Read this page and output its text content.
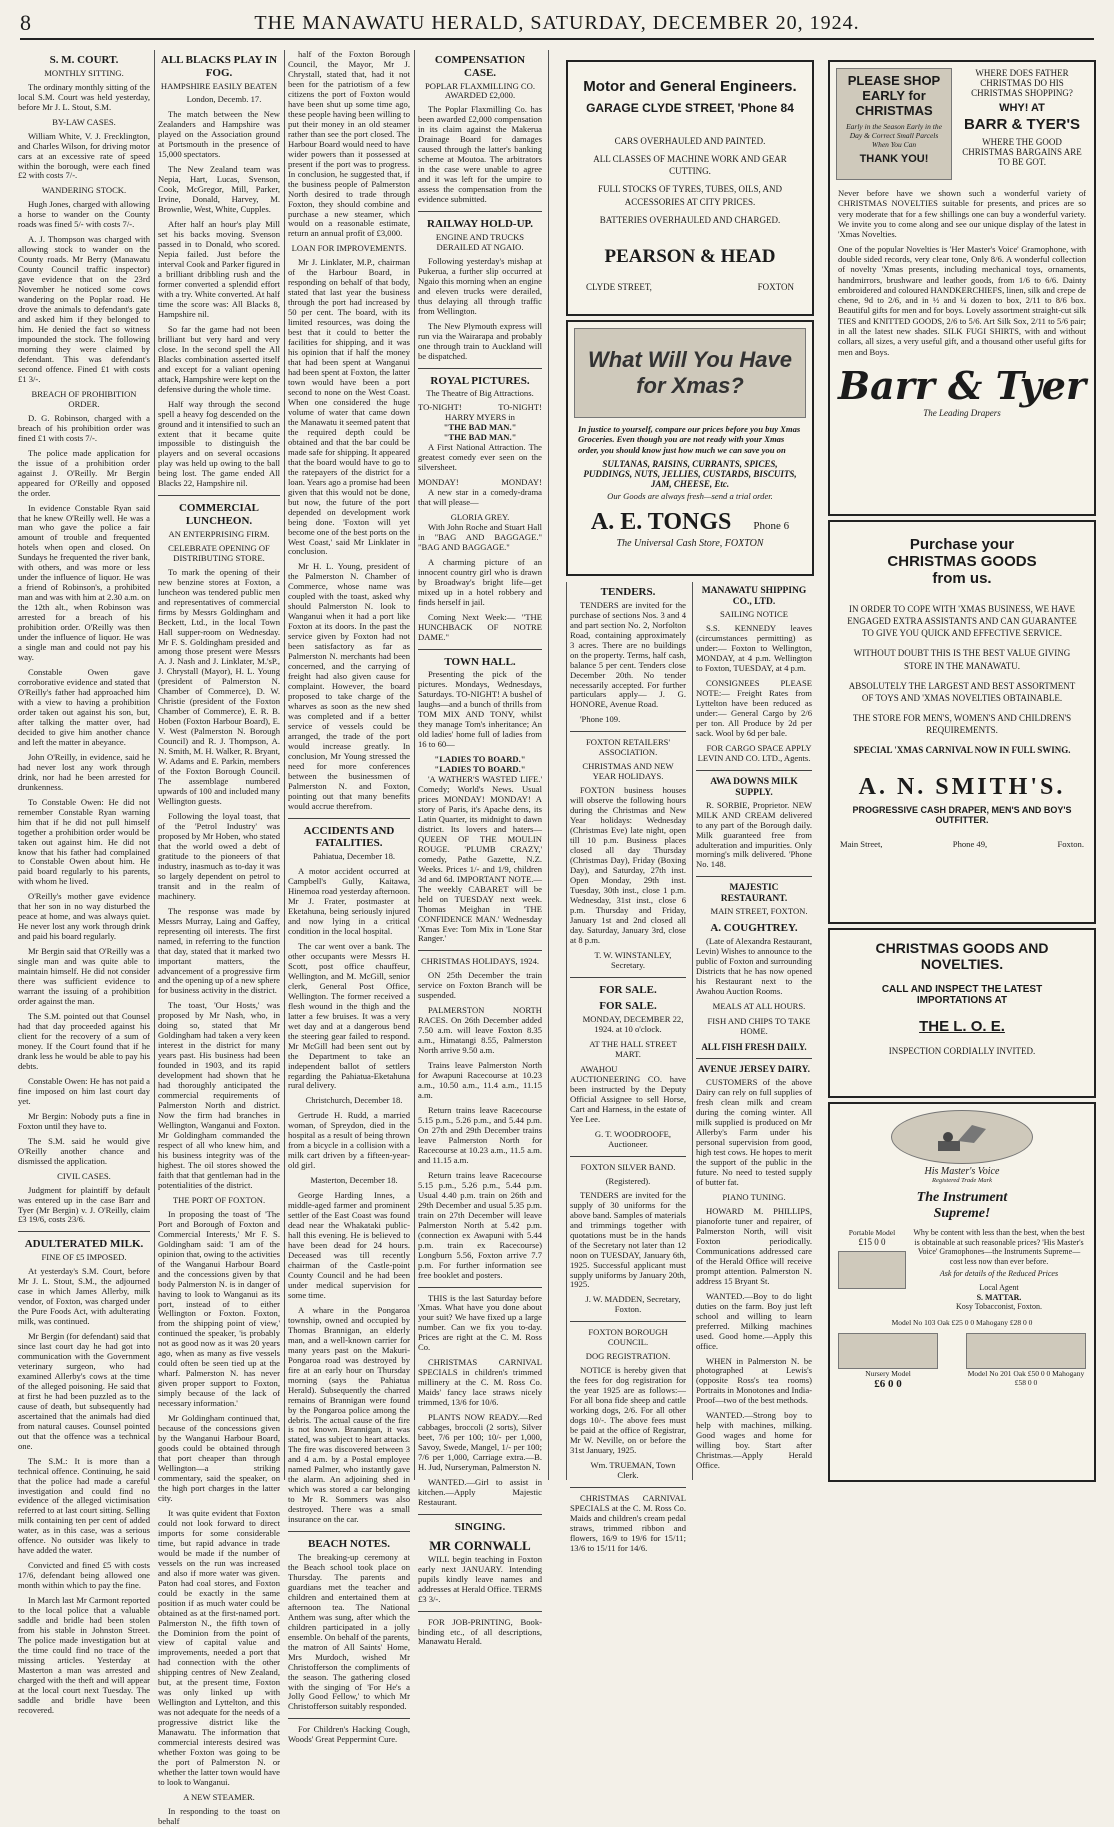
8	THE MANAWATU HERALD, SATURDAY, DECEMBER 20, 1924.
S. M. COURT.
MONTHLY SITTING.

The ordinary monthly sitting of the local S.M. Court was held yesterday, before Mr J. L. Stout, S.M.

BY-LAW CASES.

William White, V. J. Frecklington, and Charles Wilson, for driving motor cars at an excessive rate of speed within the borough, were each fined £2 with costs 7/-.

WANDERING STOCK.

Hugh Jones, charged with allowing a horse to wander on the County roads was fined 5/- with costs 7/-.

A. J. Thompson was charged with allowing stock to wander on the County roads. Mr Berry (Manawatu County Council traffic inspector) gave evidence that on the 23rd November he noticed some cows wandering on the Poplar road. He drove the animals to defendant's gate and asked him if they belonged to him. He denied the fact so witness impounded the stock. The following morning they were claimed by defendant. This was defendant's second offence. Fined £1 with costs £1 3/-.

BREACH OF PROHIBITION ORDER.

D. G. Robinson, charged with a breach of his prohibition order was fined £1 with costs 7/-.

The police made application for the issue of a prohibition order against J. O'Reilly. Mr Bergin appeared for O'Reilly and opposed the order.

In evidence Constable Ryan said that he knew O'Reilly well. He was a man who gave the police a fair amount of trouble and frequented hotels when open and closed. On Sundays he frequented the river bank, with others, and was more or less under the influence of liquor. He was a friend of Robinson's, a prohibited man and was with him at 2.30 a.m. on the 12th alt., when Robinson was arrested for a breach of his prohibition order. O'Reilly was then under the influence of liquor. He was a single man and could not pay his way.

Constable Owen gave corroborative evidence and stated that O'Reilly's father had approached him with a view to having a prohibition order taken out against his son, but, after talking the matter over, had decided to give him another chance and left the matter in abeyance.

John O'Reilly, in evidence, said he had never lost any work through drink, nor had he been arrested for drunkenness.

To Constable Owen: He did not remember Constable Ryan warning him that if he did not pull himself together a prohibition order would be taken out against him. He did not know that his father had complained to Constable Owen about him. He paid board regularly to his parents, with whom he lived.

O'Reilly's mother gave evidence that her son in no way disturbed the peace at home, and was always quiet. He never lost any work through drink and paid his board regularly.

Mr Bergin said that O'Reilly was a single man and was quite able to maintain himself. He did not consider there was sufficient evidence to warrant the issuing of a prohibition order against the man.

The S.M. pointed out that Counsel had that day proceeded against his client for the recovery of a sum of money. If the Court found that if he drank less he would be able to pay his debts.

Constable Owen: He has not paid a fine imposed on him last court day yet.

Mr Bergin: Nobody puts a fine in Foxton until they have to.

The S.M. said he would give O'Reilly another chance and dismissed the application.

CIVIL CASES.

Judgment for plaintiff by default was entered up in the case Barr and Tyer (Mr Bergin) v. J. O'Reilly, claim £3 19/6, costs 23/6.

ADULTERATED MILK.
FINE OF £5 IMPOSED.

At yesterday's S.M. Court, before Mr J. L. Stout, S.M., the adjourned case in which James Allerby, milk vendor, of Foxton, was charged under the Pure Foods Act, with adulterating milk, was continued.

Mr Bergin (for defendant) said that since last court day he had got into communication with the Government veterinary surgeon, who had examined Allerby's cows at the time of the alleged poisoning. He said that at first he had been puzzled as to the cause of death, but subsequently had ascertained that the animals had died from natural causes. Counsel pointed out that the offence was a technical one.

The S.M.: It is more than a technical offence. Continuing, he said that the police had made a careful investigation and could find no evidence of the alleged victimisation referred to at last court sitting. Selling milk containing ten per cent of added water, as in this case, was a serious offence. No outsider was likely to have added the water.

Convicted and fined £5 with costs 17/6, defendant being allowed one month within which to pay the fine.

In March last Mr Carmont reported to the local police that a valuable saddle and bridle had been stolen from his stable in Johnston Street. The police made investigation but at the time could find no trace of the missing articles. Yesterday at Masterton a man was arrested and charged with the theft and will appear at the local court next Tuesday. The saddle and bridle have been recovered.

ALL BLACKS PLAY IN FOG.
HAMPSHIRE EASILY BEATEN

London, Decemb. 17.

The match between the New Zealanders and Hampshire was played on the Association ground at Portsmouth in the presence of 15,000 spectators.

The New Zealand team was Nepia, Hart, Lucas, Svenson, Cook, McGregor, Mill, Parker, Irvine, Donald, Harvey, M. Brownlie, West, White, Cupples.

After half an hour's play Mill set his backs moving. Svenson passed in to Donald, who scored. Nepia failed. Just before the interval Cook and Parker figured in a brilliant dribbling rush and the former converted a splendid effort with a try. White converted. At half time the score was: All Blacks 8, Hampshire nil.

So far the game had not been brilliant but very hard and very close. In the second spell the All Blacks combination asserted itself and except for a valiant opening attack, Hampshire were kept on the defensive during the whole time.

Half way through the second spell a heavy fog descended on the ground and it intensified to such an extent that it became quite impossible to distinguish the players and on several occasions play was held up owing to the ball being lost. The game ended All Blacks 22, Hampshire nil.

COMMERCIAL LUNCHEON.
AN ENTERPRISING FIRM.
CELEBRATE OPENING OF DISTRIBUTING STORE.

To mark the opening of their new benzine stores at Foxton, a luncheon was tendered public men and representatives of commercial firms by Messrs Goldingham and Beckett, Ltd., in the local Town Hall supper-room on Wednesday. Mr F. S. Goldingham presided and among those present were Messrs A. J. Nash and J. Linklater, M.'sP., J. Chrystall (Mayor), H. L. Young (president of Palmerston N. Chamber of Commerce), D. W. Christie (president of the Foxton Chamber of Commerce), E. R. B. Hoben (Foxton Harbour Board), E. V. West (Palmerston N. Borough Council) and R. J. Thompson, A. N. Smith, M. H. Walker, R. Bryant, W. Adams and E. Parkin, members of the Foxton Borough Council. The assemblage numbered upwards of 100 and included many Wellington guests.

Following the loyal toast, that of the 'Petrol Industry' was proposed by Mr Hoben, who stated that the world owed a debt of gratitude to the pioneers of that industry, inasmuch as to-day it was so largely dependent on petrol to transit and in the realm of machinery.

The response was made by Messrs Murray, Laing and Gaffey, representing oil interests. The first named, in referring to the function that day, stated that it marked two important matters, the advancement of a progressive firm and the opening up of a new sphere for business activity in the district.

The toast, 'Our Hosts,' was proposed by Mr Nash, who, in doing so, stated that Mr Goldingham had taken a very keen interest in the district for many years past. His business had been founded in 1903, and its rapid development had shown that he had thoroughly anticipated the commercial requirements of Palmerston North and district. Now the firm had branches in Wellington, Wanganui and Foxton. Mr Goldingham commanded the respect of all who knew him, and his business integrity was of the highest. The oil stores showed the faith that that gentleman had in the potentialities of the district.

THE PORT OF FOXTON.

In proposing the toast of 'The Port and Borough of Foxton and Commercial Interests,' Mr F. S. Goldingham said: 'I am of the opinion that, owing to the activities of the Wanganui Harbour Board and the concessions given by that body Palmerston N. is in danger of having to look to Wanganui as its port, instead of to either Wellington or Foxton. Foxton, from the shipping point of view,' continued the speaker, 'is probably not as good now as it was 20 years ago, when as many as five vessels could often be seen tied up at the wharf. Palmerston N. has never given proper support to Foxton, simply because of the lack of necessary information.'

Mr Goldingham continued that, because of the concessions given by the Wanganui Harbour Board, goods could be obtained through that port cheaper than through Wellington—a striking commentary, said the speaker, on the high port charges in the latter city.

It was quite evident that Foxton could not look forward to direct imports for some considerable time, but rapid advance in trade would be made if the number of vessels on the run was increased and also if more water was given. Paton had coal stores, and Foxton could be exactly in the same position if as much water could be obtained as at the first-named port. Palmerston N., the fifth town of the Dominion from the point of view of capital value and improvements, needed a port that had connection with the other shipping centres of New Zealand, but, at the present time, Foxton was only linked up with Wellington and Lyttelton, and this was not adequate for the needs of a progressive district like the Manawatu. The information that commercial interests desired was whether Foxton was going to be the port of Palmerston N. or whether the latter town would have to look to Wanganui.

A NEW STEAMER.

In responding to the toast on behalf

half of the Foxton Borough Council, the Mayor, Mr J. Chrystall, stated that, had it not been for the patriotism of a few citizens the port of Foxton would have been shut up some time ago, these people having been willing to put their money in an old steamer rather than see the port closed. The Harbour Board would need to have wider powers than it possessed at present if the port was to progress. In conclusion, he suggested that, if the business people of Palmerston North desired to trade through Foxton, they should combine and purchase a new steamer, which would on a reasonable estimate, return an annual profit of £3,000.

LOAN FOR IMPROVEMENTS.

Mr J. Linklater, M.P., chairman of the Harbour Board, in responding on behalf of that body, stated that last year the business through the port had increased by 50 per cent. The board, with its limited resources, was doing the best that it could to better the facilities for shipping, and it was his opinion that if half the money that had been spent at Wanganui had been spent at Foxton, the latter town would have been a port second to none on the West Coast. When one considered the huge volume of water that came down the Manawatu it seemed patent that the required depth could be obtained and that the bar could be made safe for shipping. It appeared that the board would have to go to the ratepayers of the district for a loan. Years ago a promise had been given that this would not be done, but now, the future of the port depended on development work being done. 'Foxton will yet become one of the best ports on the West Coast,' said Mr Linklater in conclusion.

Mr H. L. Young, president of the Palmerston N. Chamber of Commerce, whose name was coupled with the toast, asked why should Palmerston N. look to Wanganui when it had a port like Foxton at its doors. In the past the service given by Foxton had not been satisfactory as far as Palmerston N. merchants had been concerned, and the carrying of freight had also given cause for complaint. However, the board proposed to take charge of the wharves as soon as the new shed was completed and if a better service of vessels could be arranged, the trade of the port would increase greatly. In conclusion, Mr Young stressed the need for more conferences between the businessmen of Palmerston N. and Foxton, pointing out that many benefits would accrue therefrom.

ACCIDENTS AND FATALITIES.

Pahiatua, December 18.

A motor accident occurred at Campbell's Gully, Kaitawa, Hinemoa road yesterday afternoon. Mr J. Frater, postmaster at Eketahuna, being seriously injured and now lying in a critical condition in the local hospital.

The car went over a bank. The other occupants were Messrs H. Scott, post office chauffeur, Wellington, and M. McGill, senior clerk, General Post Office, Wellington. The former received a flesh wound in the thigh and the latter a few bruises. It was a very wet day and at a dangerous bend the steering gear failed to respond. Mr McGill had been sent out by the Department to take an independent ballot of settlers regarding the Pahiatua-Eketahuna rural delivery.

Christchurch, December 18.

Gertrude H. Rudd, a married woman, of Spreydon, died in the hospital as a result of being thrown from a bicycle in a collision with a milk cart driven by a fifteen-year-old girl.

Masterton, December 18.

George Harding Innes, a middle-aged farmer and prominent settler of the East Coast was found dead near the Whakataki public-hall this evening. He is believed to have been dead for 24 hours. Deceased was till recently chairman of the Castle-point County Council and he had been under medical supervision for some time.

A whare in the Pongaroa township, owned and occupied by Thomas Brannigan, an elderly man, and a well-known carrier for many years past on the Makuri-Pongaroa road was destroyed by fire at an early hour on Thursday morning (says the Pahiatua Herald). Subsequently the charred remains of Brannigan were found by the Pongaroa police among the debris. The actual cause of the fire is not known. Brannigan, it was stated, was subject to heart attacks. The fire was discovered between 3 and 4 a.m. by a Postal employee named Palmer, who instantly gave the alarm. An adjoining shed in which was stored a car belonging to Mr R. Sommers was also destroyed. There was a small insurance on the car.

BEACH NOTES.

The breaking-up ceremony at the Beach school took place on Thursday. The parents and guardians met the teacher and children and entertained them at afternoon tea. The National Anthem was sung, after which the children participated in a jolly ensemble. On behalf of the parents, the matron of All Saints' Home, Mrs Murdoch, wished Mr Christofferson the compliments of the season. The gathering closed with the singing of 'For He's a Jolly Good Fellow,' to which Mr Christofferson suitably responded.

For Children's Hacking Cough, Woods' Great Peppermint Cure.

COMPENSATION CASE.
POPLAR FLAXMILLING CO. AWARDED £2,000.

The Poplar Flaxmilling Co. has been awarded £2,000 compensation in its claim against the Makerua Drainage Board for damages caused through the latter's banking scheme at Moutoa. The arbitrators in the case were unable to agree and it was left for the umpire to assess the compensation from the evidence submitted.

RAILWAY HOLD-UP.
ENGINE AND TRUCKS DERAILED AT NGAIO.

Following yesterday's mishap at Pukerua, a further slip occurred at Ngaio this morning when an engine and eleven trucks were derailed, thus delaying all through traffic from Wellington.

The New Plymouth express will run via the Wairarapa and probably one through train to Auckland will be dispatched.

ROYAL PICTURES.
The Theatre of Big Attractions.
TO-NIGHT!	TO-NIGHT!
HARRY MYERS in
"THE BAD MAN."
"THE BAD MAN."

A First National Attraction. The greatest comedy ever seen on the silversheet.

MONDAY!	MONDAY!

A new star in a comedy-drama that will please—

GLORIA GREY.

With John Roche and Stuart Hall in "BAG AND BAGGAGE." "BAG AND BAGGAGE."

A charming picture of an innocent country girl who is drawn by Broadway's bright life—get mixed up in a hotel robbery and finds herself in jail.

Coming Next Week:— "THE HUNCHBACK OF NOTRE DAME."

TOWN HALL.

Presenting the pick of the pictures. Mondays, Wednesdays, Saturdays. TO-NIGHT! A bushel of laughs—and a bunch of thrills from TOM MIX AND TONY, whilst they manage Tom's inheritance; An old ladies' home full of ladies from 16 to 60—

"LADIES TO BOARD."
"LADIES TO BOARD."

'A WATHER'S WASTED LIFE.' Comedy; World's News. Usual prices MONDAY! MONDAY! A story of Paris, it's Apache dens, its Latin Quarter, its midnight to dawn district. Its lovers and haters— QUEEN OF THE MOULIN ROUGE. 'PLUMB CRAZY,' comedy, Pathe Gazette, N.Z. Weeks. Prices 1/- and 1/9, children 3d and 6d. IMPORTANT NOTE.—The weekly CABARET will be held on TUESDAY next week. Thomas Meighan in 'THE CONFIDENCE MAN.' Wednesday 'Xmas Eve: Tom Mix in 'Lone Star Ranger.'

CHRISTMAS HOLIDAYS, 1924.

ON 25th December the train service on Foxton Branch will be suspended.

PALMERSTON NORTH RACES. On 26th December added 7.50 a.m. will leave Foxton 8.35 a.m., Himatangi 8.55, Palmerston North arrive 9.50 a.m.

Trains leave Palmerston North for Awapuni Racecourse at 10.23 a.m., 10.50 a.m., 11.4 a.m., 11.15 a.m.

Return trains leave Racecourse 5.15 p.m., 5.26 p.m., and 5.44 p.m. On 27th and 29th December trains leave Palmerston North for Racecourse at 10.23 a.m., 11.5 a.m. and 11.15 a.m.

Return trains leave Racecourse 5.15 p.m., 5.26 p.m., 5.44 p.m. Usual 4.40 p.m. train on 26th and 29th December and usual 5.35 p.m. train on 27th December will leave Palmerston North at 5.42 p.m. (connection ex Awapuni with 5.44 p.m. train ex Racecourse) Longburn 5.56, Foxton arrive 7.7 p.m. For further information see free booklet and posters.

THIS is the last Saturday before 'Xmas. What have you done about your suit? We have fixed up a large number. Can we fix you to-day. Prices are right at the C. M. Ross Co.

CHRISTMAS CARNIVAL SPECIALS in children's trimmed millinery at the C. M. Ross Co. Maids' fancy lace straws nicely trimmed, 13/6 for 10/6.

PLANTS NOW READY.—Red cabbages, broccoli (2 sorts), Silver beet, 7/6 per 100; 10/- per 1,000, Savoy, Swede, Mangel, 1/- per 100; 7/6 per 1,000, Carriage extra.—B. H. Jud, Nurseryman, Palmerston N.

WANTED.—Girl to assist in kitchen.—Apply Majestic Restaurant.

SINGING.
MR CORNWALL

WILL begin teaching in Foxton early next JANUARY. Intending pupils kindly leave names and addresses at Herald Office. TERMS £3 3/-.

FOR JOB-PRINTING, Book-binding etc., of all descriptions, Manawatu Herald.

Motor and General Engineers.
GARAGE CLYDE STREET, 'Phone 84
CARS OVERHAULED AND PAINTED.
ALL CLASSES OF MACHINE WORK AND GEAR CUTTING.
FULL STOCKS OF TYRES, TUBES, OILS, AND ACCESSORIES AT CITY PRICES.
BATTERIES OVERHAULED AND CHARGED.
PEARSON & HEAD
CLYDE STREET,	FOXTON
What Will You Have for Xmas?
In justice to yourself, compare our prices before you buy Xmas Groceries. Even though you are not ready with your Xmas order, you should know just how much we can save you on
SULTANAS, RAISINS, CURRANTS, SPICES, PUDDINGS, NUTS, JELLIES, CUSTARDS, BISCUITS, JAM, CHEESE, Etc.
Our Goods are always fresh—send a trial order.
A. E. TONGS Phone 6
The Universal Cash Store, FOXTON
PLEASE SHOP EARLY for CHRISTMAS
Early in the Season Early in the Day & Correct Small Parcels When You Can
THANK YOU!
WHERE DOES FATHER CHRISTMAS DO HIS CHRISTMAS SHOPPING?
WHY! AT
BARR & TYER'S
WHERE THE GOOD CHRISTMAS BARGAINS ARE TO BE GOT.

Never before have we shown such a wonderful variety of CHRISTMAS NOVELTIES suitable for presents, and prices are so very moderate that for a few shillings one can buy a wonderful variety. We invite you to come along and see our unique display of the latest in 'Xmas Novelties.

One of the popular Novelties is 'Her Master's Voice' Gramophone, with double sided records, very clear tone, Only 8/6. A wonderful collection of novelty 'Xmas presents, including mechanical toys, ornaments, handmirrors, brushware and leather goods, from 1/6 to 6/6. Dainty embroidered and coloured HANDKERCHIEFS, linen, silk and crepe de chene, 9d to 2/6, and in ½ and ¼ dozen to box, 2/11 to 8/6 box. Beautiful gifts for men and for boys. Lovely assortment straight-cut silk TIES and KNITTED GOODS, 2/6 to 5/6. Art Silk Sox, 2/11 to 5/6 pair; in all the latest new shades. SILK FUGI SHIRTS, with and without collars, all sizes, a very useful gift, and a thousand other useful gifts for men and Boys.

Barr & Tyer
The Leading Drapers
Purchase your
CHRISTMAS GOODS
from us.
IN ORDER TO COPE WITH 'XMAS BUSINESS, WE HAVE ENGAGED EXTRA ASSISTANTS AND CAN GUARANTEE TO GIVE YOU QUICK AND EFFECTIVE SERVICE.
WITHOUT DOUBT THIS IS THE BEST VALUE GIVING STORE IN THE MANAWATU.
ABSOLUTELY THE LARGEST AND BEST ASSORTMENT OF TOYS AND 'XMAS NOVELTIES OBTAINABLE.
THE STORE FOR MEN'S, WOMEN'S AND CHILDREN'S REQUIREMENTS.
SPECIAL 'XMAS CARNIVAL NOW IN FULL SWING.
A. N. SMITH'S.
PROGRESSIVE CASH DRAPER, MEN'S AND BOY'S OUTFITTER.
Main Street,	Phone 49,	Foxton.
CHRISTMAS GOODS AND NOVELTIES.
CALL AND INSPECT THE LATEST IMPORTATIONS AT
THE L. O. E.
INSPECTION CORDIALLY INVITED.
His Master's Voice
Registered Trade Mark
The Instrument
Supreme!
Portable Model
£15 0 0
Why be content with less than the best, when the best is obtainable at such reasonable prices? 'His Master's Voice' Gramophones—the Instruments Supreme—cost less now than ever before.
Ask for details of the Reduced Prices
Local Agent
S. MATTAR.
Kosy Tobacconist, Foxton.
Model No 103 Oak £25 0 0 Mahogany £28 0 0
Nursery Model
£6 0 0
Model No 201 Oak £50 0 0 Mahogany £58 0 0
TENDERS.

TENDERS are invited for the purchase of sections Nos. 3 and 4 and part section No. 2, Norfolton Road, containing approximately 3 acres. There are no buildings on the property. Terms, half cash, balance 5 per cent. Tenders close December 20th. No tender necessarily accepted. For further particulars apply— J. G. HONORE, Avenue Road.

'Phone 109.

FOXTON RETAILERS' ASSOCIATION.
CHRISTMAS AND NEW YEAR HOLIDAYS.

FOXTON business houses will observe the following hours during the Christmas and New Year holidays: Wednesday (Christmas Eve) late night, open till 10 p.m. Business places closed all day Thursday (Christmas Day), Friday (Boxing Day), and Saturday, 27th inst. Open Monday, 29th inst. Tuesday, 30th inst., close 1 p.m. Wednesday, 31st inst., close 6 p.m. Thursday and Friday, January 1st and 2nd closed all day. Saturday, January 3rd, close at 8 p.m.

T. W. WINSTANLEY, Secretary.

FOR SALE.
FOR SALE.

MONDAY, DECEMBER 22, 1924. at 10 o'clock.

AT THE HALL STREET MART.

AWAHOU AUCTIONEERING CO. have been instructed by the Deputy Official Assignee to sell Horse, Cart and Harness, in the estate of Yee Lee.

G. T. WOODROOFE, Auctioneer.

FOXTON SILVER BAND.
(Registered).

TENDERS are invited for the supply of 30 uniforms for the above band. Samples of materials and trimmings together with quotations must be in the hands of the Secretary not later than 12 noon on TUESDAY, January 6th, 1925. Successful applicant must supply uniforms by January 20th, 1925.

J. W. MADDEN, Secretary, Foxton.

FOXTON BOROUGH COUNCIL.
DOG REGISTRATION.

NOTICE is hereby given that the fees for dog registration for the year 1925 are as follows:— For all bona fide sheep and cattle working dogs, 2/6. For all other dogs 10/-. The above fees must be paid at the office of Registrar, Mr W. Neville, on or before the 31st January, 1925.

Wm. TRUEMAN, Town Clerk.

CHRISTMAS CARNIVAL SPECIALS at the C. M. Ross Co. Maids and children's cream pedal straws, trimmed ribbon and flowers, 16/9 to 19/6 for 15/11; 13/6 to 15/11 for 14/6.

MANAWATU SHIPPING CO., LTD.
SAILING NOTICE

S.S. KENNEDY leaves (circumstances permitting) as under:— Foxton to Wellington, MONDAY, at 4 p.m. Wellington to Foxton, TUESDAY, at 4 p.m.

CONSIGNEES PLEASE NOTE:— Freight Rates from Lyttelton have been reduced as under:— General Cargo by 2/6 per ton. All Produce by 2d per sack. Wool by 6d per bale.

FOR CARGO SPACE APPLY LEVIN AND CO. LTD., Agents.

AWA DOWNS MILK SUPPLY.

R. SORBIE, Proprietor. NEW MILK AND CREAM delivered to any part of the Borough daily. Milk guaranteed free from adulteration and impurities. Only morning's milk delivered. 'Phone No. 148.

MAJESTIC RESTAURANT.

MAIN STREET, FOXTON.

A. COUGHTREY.

(Late of Alexandra Restaurant, Levin) Wishes to announce to the public of Foxton and surrounding Districts that he has now opened his Restaurant next to the Awahou Auction Rooms.

MEALS AT ALL HOURS.

FISH AND CHIPS TO TAKE HOME.

ALL FISH FRESH DAILY.
AVENUE JERSEY DAIRY.

CUSTOMERS of the above Dairy can rely on full supplies of fresh clean milk and cream during the coming winter. All milk supplied is produced on Mr Allerby's Farm under his personal supervision from good, high test cows. He hopes to merit the support of the public in the future. No need to tested supply of butter fat.

PIANO TUNING.

HOWARD M. PHILLIPS, pianoforte tuner and repairer, of Palmerston North, will visit Foxton periodically. Communications addressed care of the Herald Office will receive prompt attention. Palmerston N. address 15 Bryant St.

WANTED.—Boy to do light duties on the farm. Boy just left school and willing to learn preferred. Milking machines used. Good home.—Apply this office.

WHEN in Palmerston N. be photographed at Lewis's (opposite Ross's tea rooms) Portraits in Monotones and India-Proof—two of the best methods.

WANTED.—Strong boy to help with machines, milking. Good wages and home for willing boy. Start after Christmas.—Apply Herald Office.
